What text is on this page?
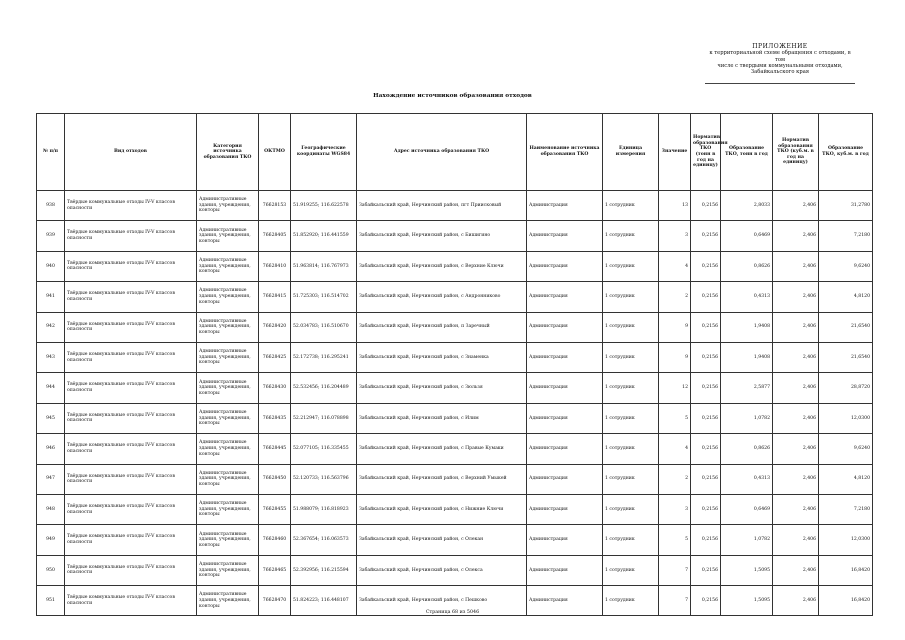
ПРИЛОЖЕНИЕ
к территориальной схеме обращения с отходами, в том
числе с твердыми коммунальными отходами,
Забайкальского края
Нахождение источников образования отходов
№ п/п	Вид отходов	Категория источника образования ТКО	ОКТМО	Географические координаты WGS84	Адрес источника образования ТКО	Наименование источника образования ТКО	Единица измерения	Значение	Норматив образования ТКО (тонн в год на единицу)	Образование ТКО, тонн в год	Норматив образования ТКО (куб.м. в год на единицу)	Образование ТКО, куб.м. в год
938	Твёрдые коммунальные отходы IV-V классов опасности	Административные здания, учреждения, конторы	76628153	51.919255; 116.622578	Забайкальский край, Нерчинский район, пгт Приисковый	Администрация	1 сотрудник	13	0,2156	2,8033	2,406	31,2780
939	Твёрдые коммунальные отходы IV-V классов опасности	Административные здания, учреждения, конторы	76628405	51.852920; 116.441559	Забайкальский край, Нерчинский район, с Бишигино	Администрация	1 сотрудник	3	0,2156	0,6469	2,406	7,2180
940	Твёрдые коммунальные отходы IV-V классов опасности	Административные здания, учреждения, конторы	76628410	51.963814; 116.767973	Забайкальский край, Нерчинский район, с Верхние Ключи	Администрация	1 сотрудник	4	0,2156	0,8626	2,406	9,6240
941	Твёрдые коммунальные отходы IV-V классов опасности	Административные здания, учреждения, конторы	76628415	51.725303; 116.514702	Забайкальский край, Нерчинский район, с Андронниково	Администрация	1 сотрудник	2	0,2156	0,4313	2,406	4,8120
942	Твёрдые коммунальные отходы IV-V классов опасности	Административные здания, учреждения, конторы	76628420	52.034783; 116.510670	Забайкальский край, Нерчинский район, п Заречный	Администрация	1 сотрудник	9	0,2156	1,9408	2,406	21,6540
943	Твёрдые коммунальные отходы IV-V классов опасности	Административные здания, учреждения, конторы	76628425	52.172738; 116.295241	Забайкальский край, Нерчинский район, с Знаменка	Администрация	1 сотрудник	9	0,2156	1,9408	2,406	21,6540
944	Твёрдые коммунальные отходы IV-V классов опасности	Административные здания, учреждения, конторы	76628430	52.532456; 116.204489	Забайкальский край, Нерчинский район, с Зюльзя	Администрация	1 сотрудник	12	0,2156	2,5877	2,406	28,8720
945	Твёрдые коммунальные отходы IV-V классов опасности	Административные здания, учреждения, конторы	76628435	52.212947; 116.078898	Забайкальский край, Нерчинский район, с Илим	Администрация	1 сотрудник	5	0,2156	1,0782	2,406	12,0300
946	Твёрдые коммунальные отходы IV-V классов опасности	Административные здания, учреждения, конторы	76628445	52.077105; 116.335455	Забайкальский край, Нерчинский район, с Правые Кумаки	Администрация	1 сотрудник	4	0,2156	0,8626	2,406	9,6240
947	Твёрдые коммунальные отходы IV-V классов опасности	Административные здания, учреждения, конторы	76628450	52.120733; 116.563796	Забайкальский край, Нерчинский район, с Верхний Умыкей	Администрация	1 сотрудник	2	0,2156	0,4313	2,406	4,8120
948	Твёрдые коммунальные отходы IV-V классов опасности	Административные здания, учреждения, конторы	76628455	51.988079; 116.818923	Забайкальский край, Нерчинский район, с Нижние Ключи	Администрация	1 сотрудник	3	0,2156	0,6469	2,406	7,2180
949	Твёрдые коммунальные отходы IV-V классов опасности	Административные здания, учреждения, конторы	76628460	52.367654; 116.063573	Забайкальский край, Нерчинский район, с Олекан	Администрация	1 сотрудник	5	0,2156	1,0782	2,406	12,0300
950	Твёрдые коммунальные отходы IV-V классов опасности	Административные здания, учреждения, конторы	76628465	52.392956; 116.215594	Забайкальский край, Нерчинский район, с Олекса	Администрация	1 сотрудник	7	0,2156	1,5095	2,406	16,8420
951	Твёрдые коммунальные отходы IV-V классов опасности	Административные здания, учреждения, конторы	76628470	51.824223; 116.448107	Забайкальский край, Нерчинский район, с Пешково	Администрация	1 сотрудник	7	0,2156	1,5095	2,406	16,8420
Страница 68 из 5046
